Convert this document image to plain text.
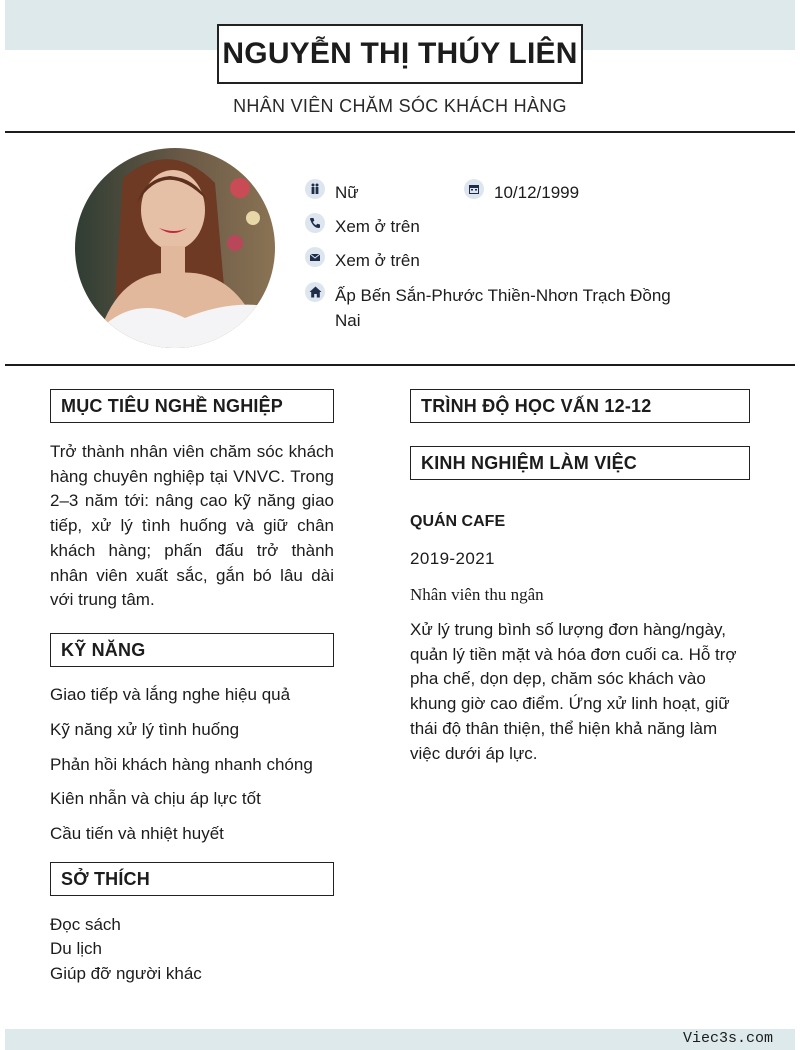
NGUYỄN THỊ THÚY LIÊN
NHÂN VIÊN CHĂM SÓC KHÁCH HÀNG
Nữ	10/12/1999
Xem ở trên
Xem ở trên
Ấp Bến Sắn-Phước Thiền-Nhơn Trạch Đồng Nai
MỤC TIÊU NGHỀ NGHIỆP
Trở thành nhân viên chăm sóc khách hàng chuyên nghiệp tại VNVC. Trong 2–3 năm tới: nâng cao kỹ năng giao tiếp, xử lý tình huống và giữ chân khách hàng; phấn đấu trở thành nhân viên xuất sắc, gắn bó lâu dài với trung tâm.
KỸ NĂNG
Giao tiếp và lắng nghe hiệu quả
Kỹ năng xử lý tình huống
Phản hồi khách hàng nhanh chóng
Kiên nhẫn và chịu áp lực tốt
Cầu tiến và nhiệt huyết
SỞ THÍCH
Đọc sách
Du lịch
Giúp đỡ người khác
TRÌNH ĐỘ HỌC VẤN 12-12
KINH NGHIỆM LÀM VIỆC
QUÁN CAFE
2019-2021
Nhân viên thu ngân
Xử lý trung bình số lượng đơn hàng/ngày, quản lý tiền mặt và hóa đơn cuối ca. Hỗ trợ pha chế, dọn dẹp, chăm sóc khách vào khung giờ cao điểm. Ứng xử linh hoạt, giữ thái độ thân thiện, thể hiện khả năng làm việc dưới áp lực.
Viec3s.com
